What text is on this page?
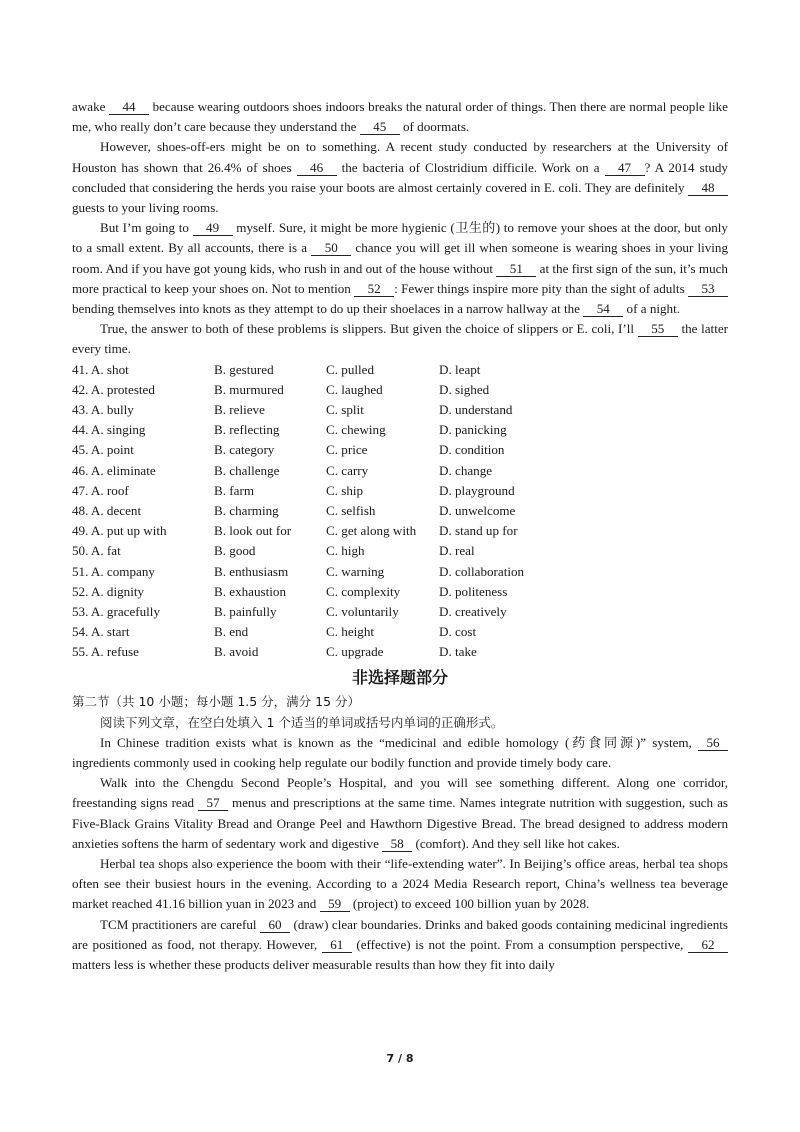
awake 44 because wearing outdoors shoes indoors breaks the natural order of things. Then there are normal people like me, who really don’t care because they understand the 45 of doormats.

However, shoes-off-ers might be on to something. A recent study conducted by researchers at the University of Houston has shown that 26.4% of shoes 46 the bacteria of Clostridium difficile. Work on a 47 ? A 2014 study concluded that considering the herds you raise your boots are almost certainly covered in E. coli. They are definitely 48 guests to your living rooms.

But I’m going to 49 myself. Sure, it might be more hygienic (卫生的) to remove your shoes at the door, but only to a small extent. By all accounts, there is a 50 chance you will get ill when someone is wearing shoes in your living room. And if you have got young kids, who rush in and out of the house without 51 at the first sign of the sun, it’s much more practical to keep your shoes on. Not to mention 52 : Fewer things inspire more pity than the sight of adults 53 bending themselves into knots as they attempt to do up their shoelaces in a narrow hallway at the 54 of a night.

True, the answer to both of these problems is slippers. But given the choice of slippers or E. coli, I’ll 55 the latter every time.

41. A. shot	B. gestured	C. pulled	D. leapt
42. A. protested	B. murmured	C. laughed	D. sighed
43. A. bully	B. relieve	C. split	D. understand
44. A. singing	B. reflecting	C. chewing	D. panicking
45. A. point	B. category	C. price	D. condition
46. A. eliminate	B. challenge	C. carry	D. change
47. A. roof	B. farm	C. ship	D. playground
48. A. decent	B. charming	C. selfish	D. unwelcome
49. A. put up with	B. look out for	C. get along with	D. stand up for
50. A. fat	B. good	C. high	D. real
51. A. company	B. enthusiasm	C. warning	D. collaboration
52. A. dignity	B. exhaustion	C. complexity	D. politeness
53. A. gracefully	B. painfully	C. voluntarily	D. creatively
54. A. start	B. end	C. height	D. cost
55. A. refuse	B. avoid	C. upgrade	D. take
非选择题部分

第二节（共 10 小题；每小题 1.5 分，满分 15 分）

阅读下列文章，在空白处填入 1 个适当的单词或括号内单词的正确形式。

In Chinese tradition exists what is known as the “medicinal and edible homology (药食同源)” system, 56 ingredients commonly used in cooking help regulate our bodily function and provide timely body care.

Walk into the Chengdu Second People’s Hospital, and you will see something different. Along one corridor, freestanding signs read 57 menus and prescriptions at the same time. Names integrate nutrition with suggestion, such as Five-Black Grains Vitality Bread and Orange Peel and Hawthorn Digestive Bread. The bread designed to address modern anxieties softens the harm of sedentary work and digestive 58 (comfort). And they sell like hot cakes.

Herbal tea shops also experience the boom with their “life-extending water”. In Beijing’s office areas, herbal tea shops often see their busiest hours in the evening. According to a 2024 Media Research report, China’s wellness tea beverage market reached 41.16 billion yuan in 2023 and 59 (project) to exceed 100 billion yuan by 2028.

TCM practitioners are careful 60 (draw) clear boundaries. Drinks and baked goods containing medicinal ingredients are positioned as food, not therapy. However, 61 (effective) is not the point. From a consumption perspective, 62 matters less is whether these products deliver measurable results than how they fit into daily

7 / 8
